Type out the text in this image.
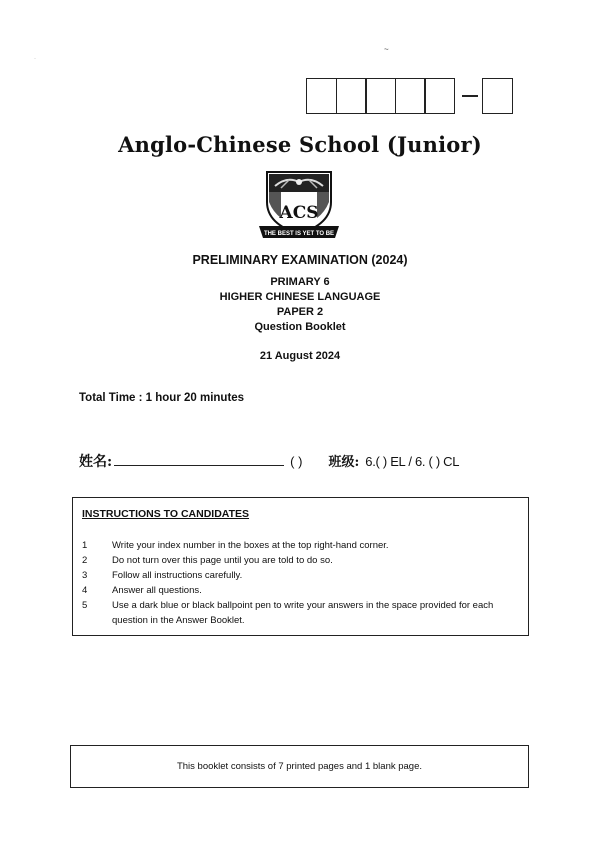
~
·
Anglo-Chinese School (Junior)
ACS
THE BEST IS YET TO BE
PRELIMINARY EXAMINATION (2024)
PRIMARY 6
HIGHER CHINESE LANGUAGE
PAPER 2
Question Booklet
21 August 2024
Total Time : 1 hour 20 minutes
姓名:	( ) 班级: 6.( ) EL / 6. ( ) CL
INSTRUCTIONS TO CANDIDATES
1	Write your index number in the boxes at the top right-hand corner.
2	Do not turn over this page until you are told to do so.
3	Follow all instructions carefully.
4	Answer all questions.
5	Use a dark blue or black ballpoint pen to write your answers in the space provided for each question in the Answer Booklet.
This booklet consists of 7 printed pages and 1 blank page.
